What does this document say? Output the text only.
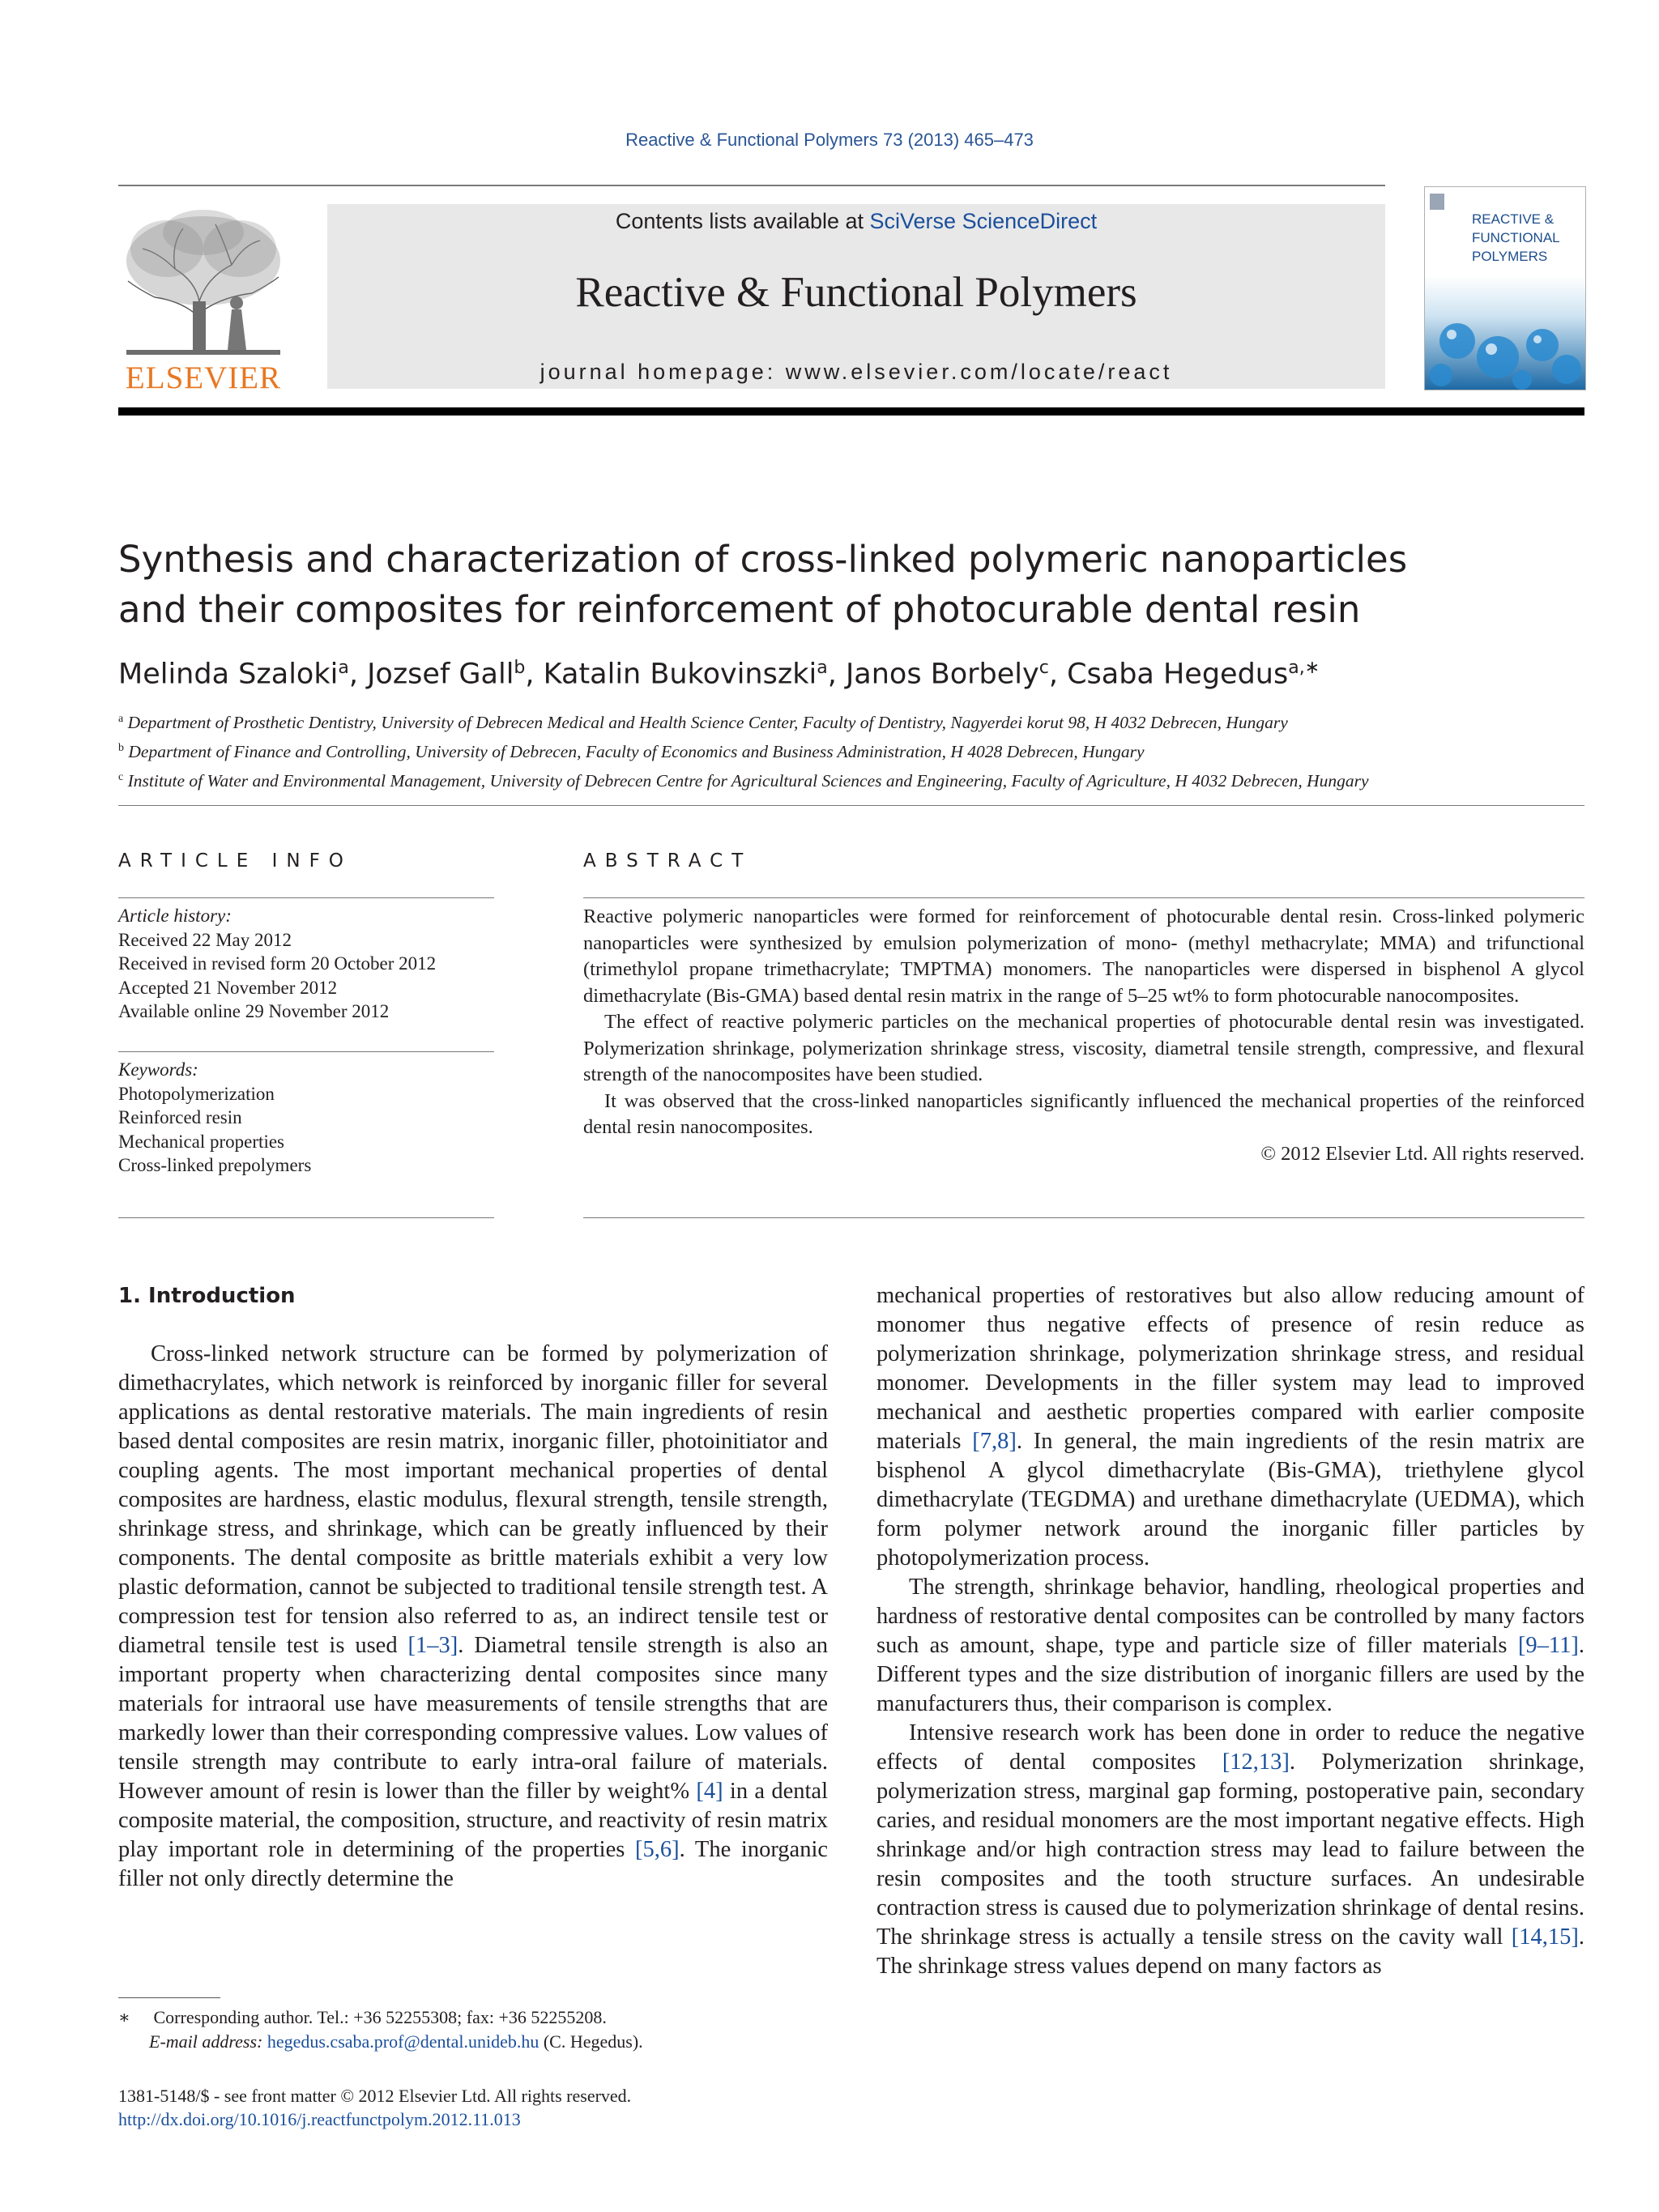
Reactive & Functional Polymers 73 (2013) 465–473
ELSEVIER
Contents lists available at SciVerse ScienceDirect
Reactive & Functional Polymers
journal homepage: www.elsevier.com/locate/react
REACTIVE &
FUNCTIONAL
POLYMERS
Synthesis and characterization of cross-linked polymeric nanoparticles
and their composites for reinforcement of photocurable dental resin
Melinda Szaloki$^a$, Jozsef Gall$^b$, Katalin Bukovinszki$^a$, Janos Borbely$^c$, Csaba Hegedus$^{a,∗}$
$^a$ Department of Prosthetic Dentistry, University of Debrecen Medical and Health Science Center, Faculty of Dentistry, Nagyerdei korut 98, H 4032 Debrecen, Hungary
$^b$ Department of Finance and Controlling, University of Debrecen, Faculty of Economics and Business Administration, H 4028 Debrecen, Hungary
$^c$ Institute of Water and Environmental Management, University of Debrecen Centre for Agricultural Sciences and Engineering, Faculty of Agriculture, H 4032 Debrecen, Hungary
ARTICLE INFO	ABSTRACT
Article history:
Received 22 May 2012
Received in revised form 20 October 2012
Accepted 21 November 2012
Available online 29 November 2012
Keywords:
Photopolymerization
Reinforced resin
Mechanical properties
Cross-linked prepolymers

Reactive polymeric nanoparticles were formed for reinforcement of photocurable dental resin. Cross-linked polymeric nanoparticles were synthesized by emulsion polymerization of mono- (methyl methacrylate; MMA) and trifunctional (trimethylol propane trimethacrylate; TMPTMA) monomers. The nanoparticles were dispersed in bisphenol A glycol dimethacrylate (Bis-GMA) based dental resin matrix in the range of 5–25 wt% to form photocurable nanocomposites.

The effect of reactive polymeric particles on the mechanical properties of photocurable dental resin was investigated. Polymerization shrinkage, polymerization shrinkage stress, viscosity, diametral tensile strength, compressive, and flexural strength of the nanocomposites have been studied.

It was observed that the cross-linked nanoparticles significantly influenced the mechanical properties of the reinforced dental resin nanocomposites.

© 2012 Elsevier Ltd. All rights reserved.
1. Introduction

Cross-linked network structure can be formed by polymerization of dimethacrylates, which network is reinforced by inorganic filler for several applications as dental restorative materials. The main ingredients of resin based dental composites are resin matrix, inorganic filler, photoinitiator and coupling agents. The most important mechanical properties of dental composites are hardness, elastic modulus, flexural strength, tensile strength, shrinkage stress, and shrinkage, which can be greatly influenced by their components. The dental composite as brittle materials exhibit a very low plastic deformation, cannot be subjected to traditional tensile strength test. A compression test for tension also referred to as, an indirect tensile test or diametral tensile test is used [1–3]. Diametral tensile strength is also an important property when characterizing dental composites since many materials for intraoral use have measurements of tensile strengths that are markedly lower than their corresponding compressive values. Low values of tensile strength may contribute to early intra-oral failure of materials. However amount of resin is lower than the filler by weight% [4] in a dental composite material, the composition, structure, and reactivity of resin matrix play important role in determining of the properties [5,6]. The inorganic filler not only directly determine the

mechanical properties of restoratives but also allow reducing amount of monomer thus negative effects of presence of resin reduce as polymerization shrinkage, polymerization shrinkage stress, and residual monomer. Developments in the filler system may lead to improved mechanical and aesthetic properties compared with earlier composite materials [7,8]. In general, the main ingredients of the resin matrix are bisphenol A glycol dimethacrylate (Bis-GMA), triethylene glycol dimethacrylate (TEGDMA) and urethane dimethacrylate (UEDMA), which form polymer network around the inorganic filler particles by photopolymerization process.

The strength, shrinkage behavior, handling, rheological properties and hardness of restorative dental composites can be controlled by many factors such as amount, shape, type and particle size of filler materials [9–11]. Different types and the size distribution of inorganic fillers are used by the manufacturers thus, their comparison is complex.

Intensive research work has been done in order to reduce the negative effects of dental composites [12,13]. Polymerization shrinkage, polymerization stress, marginal gap forming, postoperative pain, secondary caries, and residual monomers are the most important negative effects. High shrinkage and/or high contraction stress may lead to failure between the resin composites and the tooth structure surfaces. An undesirable contraction stress is caused due to polymerization shrinkage of dental resins. The shrinkage stress is actually a tensile stress on the cavity wall [14,15]. The shrinkage stress values depend on many factors as

∗ Corresponding author. Tel.: +36 52255308; fax: +36 52255208.
E-mail address: hegedus.csaba.prof@dental.unideb.hu (C. Hegedus).
1381-5148/$ - see front matter © 2012 Elsevier Ltd. All rights reserved.
http://dx.doi.org/10.1016/j.reactfunctpolym.2012.11.013
